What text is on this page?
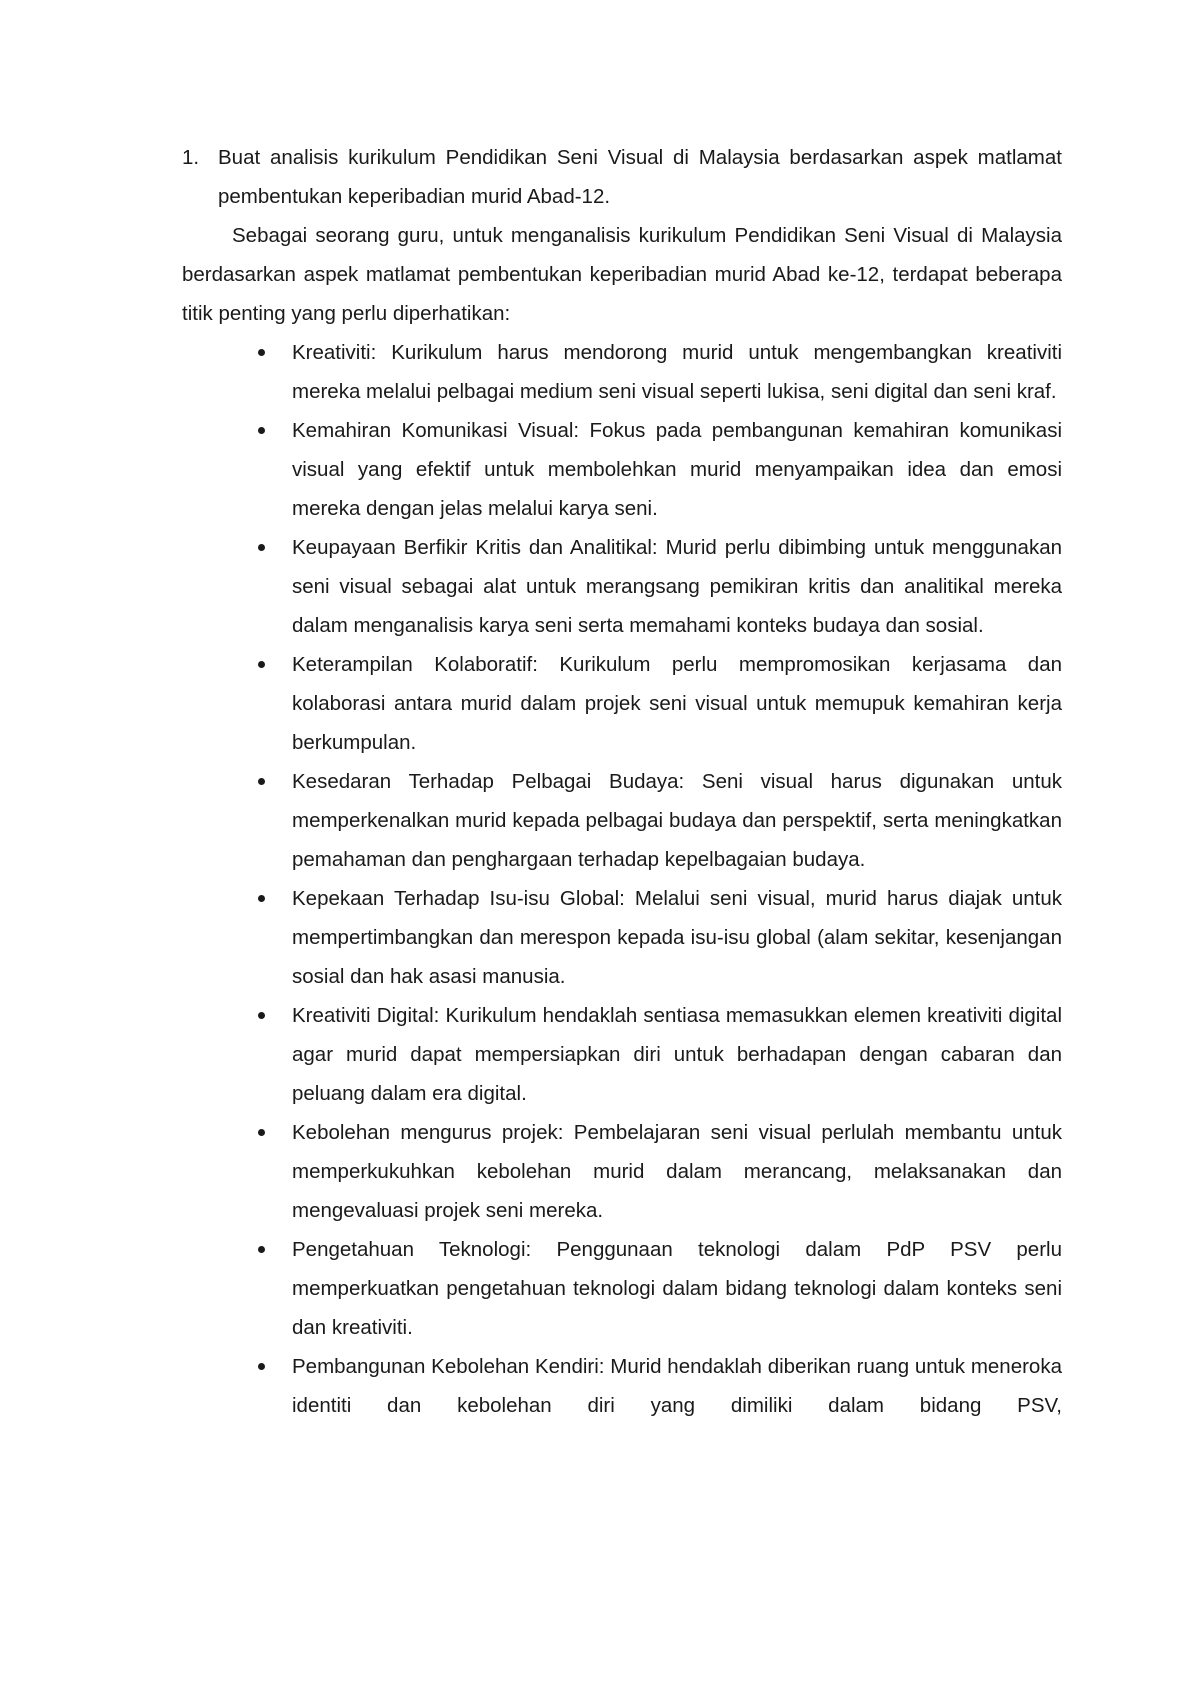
1. Buat analisis kurikulum Pendidikan Seni Visual di Malaysia berdasarkan aspek matlamat pembentukan keperibadian murid Abad-12.

Sebagai seorang guru, untuk menganalisis kurikulum Pendidikan Seni Visual di Malaysia berdasarkan aspek matlamat pembentukan keperibadian murid Abad ke-12, terdapat beberapa titik penting yang perlu diperhatikan:

Kreativiti: Kurikulum harus mendorong murid untuk mengembangkan kreativiti mereka melalui pelbagai medium seni visual seperti lukisa, seni digital dan seni kraf.
Kemahiran Komunikasi Visual: Fokus pada pembangunan kemahiran komunikasi visual yang efektif untuk membolehkan murid menyampaikan idea dan emosi mereka dengan jelas melalui karya seni.
Keupayaan Berfikir Kritis dan Analitikal: Murid perlu dibimbing untuk menggunakan seni visual sebagai alat untuk merangsang pemikiran kritis dan analitikal mereka dalam menganalisis karya seni serta memahami konteks budaya dan sosial.
Keterampilan Kolaboratif: Kurikulum perlu mempromosikan kerjasama dan kolaborasi antara murid dalam projek seni visual untuk memupuk kemahiran kerja berkumpulan.
Kesedaran Terhadap Pelbagai Budaya: Seni visual harus digunakan untuk memperkenalkan murid kepada pelbagai budaya dan perspektif, serta meningkatkan pemahaman dan penghargaan terhadap kepelbagaian budaya.
Kepekaan Terhadap Isu-isu Global: Melalui seni visual, murid harus diajak untuk mempertimbangkan dan merespon kepada isu-isu global (alam sekitar, kesenjangan sosial dan hak asasi manusia.
Kreativiti Digital: Kurikulum hendaklah sentiasa memasukkan elemen kreativiti digital agar murid dapat mempersiapkan diri untuk berhadapan dengan cabaran dan peluang dalam era digital.
Kebolehan mengurus projek: Pembelajaran seni visual perlulah membantu untuk memperkukuhkan kebolehan murid dalam merancang, melaksanakan dan mengevaluasi projek seni mereka.
Pengetahuan Teknologi: Penggunaan teknologi dalam PdP PSV perlu memperkuatkan pengetahuan teknologi dalam bidang teknologi dalam konteks seni dan kreativiti.
Pembangunan Kebolehan Kendiri: Murid hendaklah diberikan ruang untuk meneroka identiti dan kebolehan diri yang dimiliki dalam bidang PSV,
